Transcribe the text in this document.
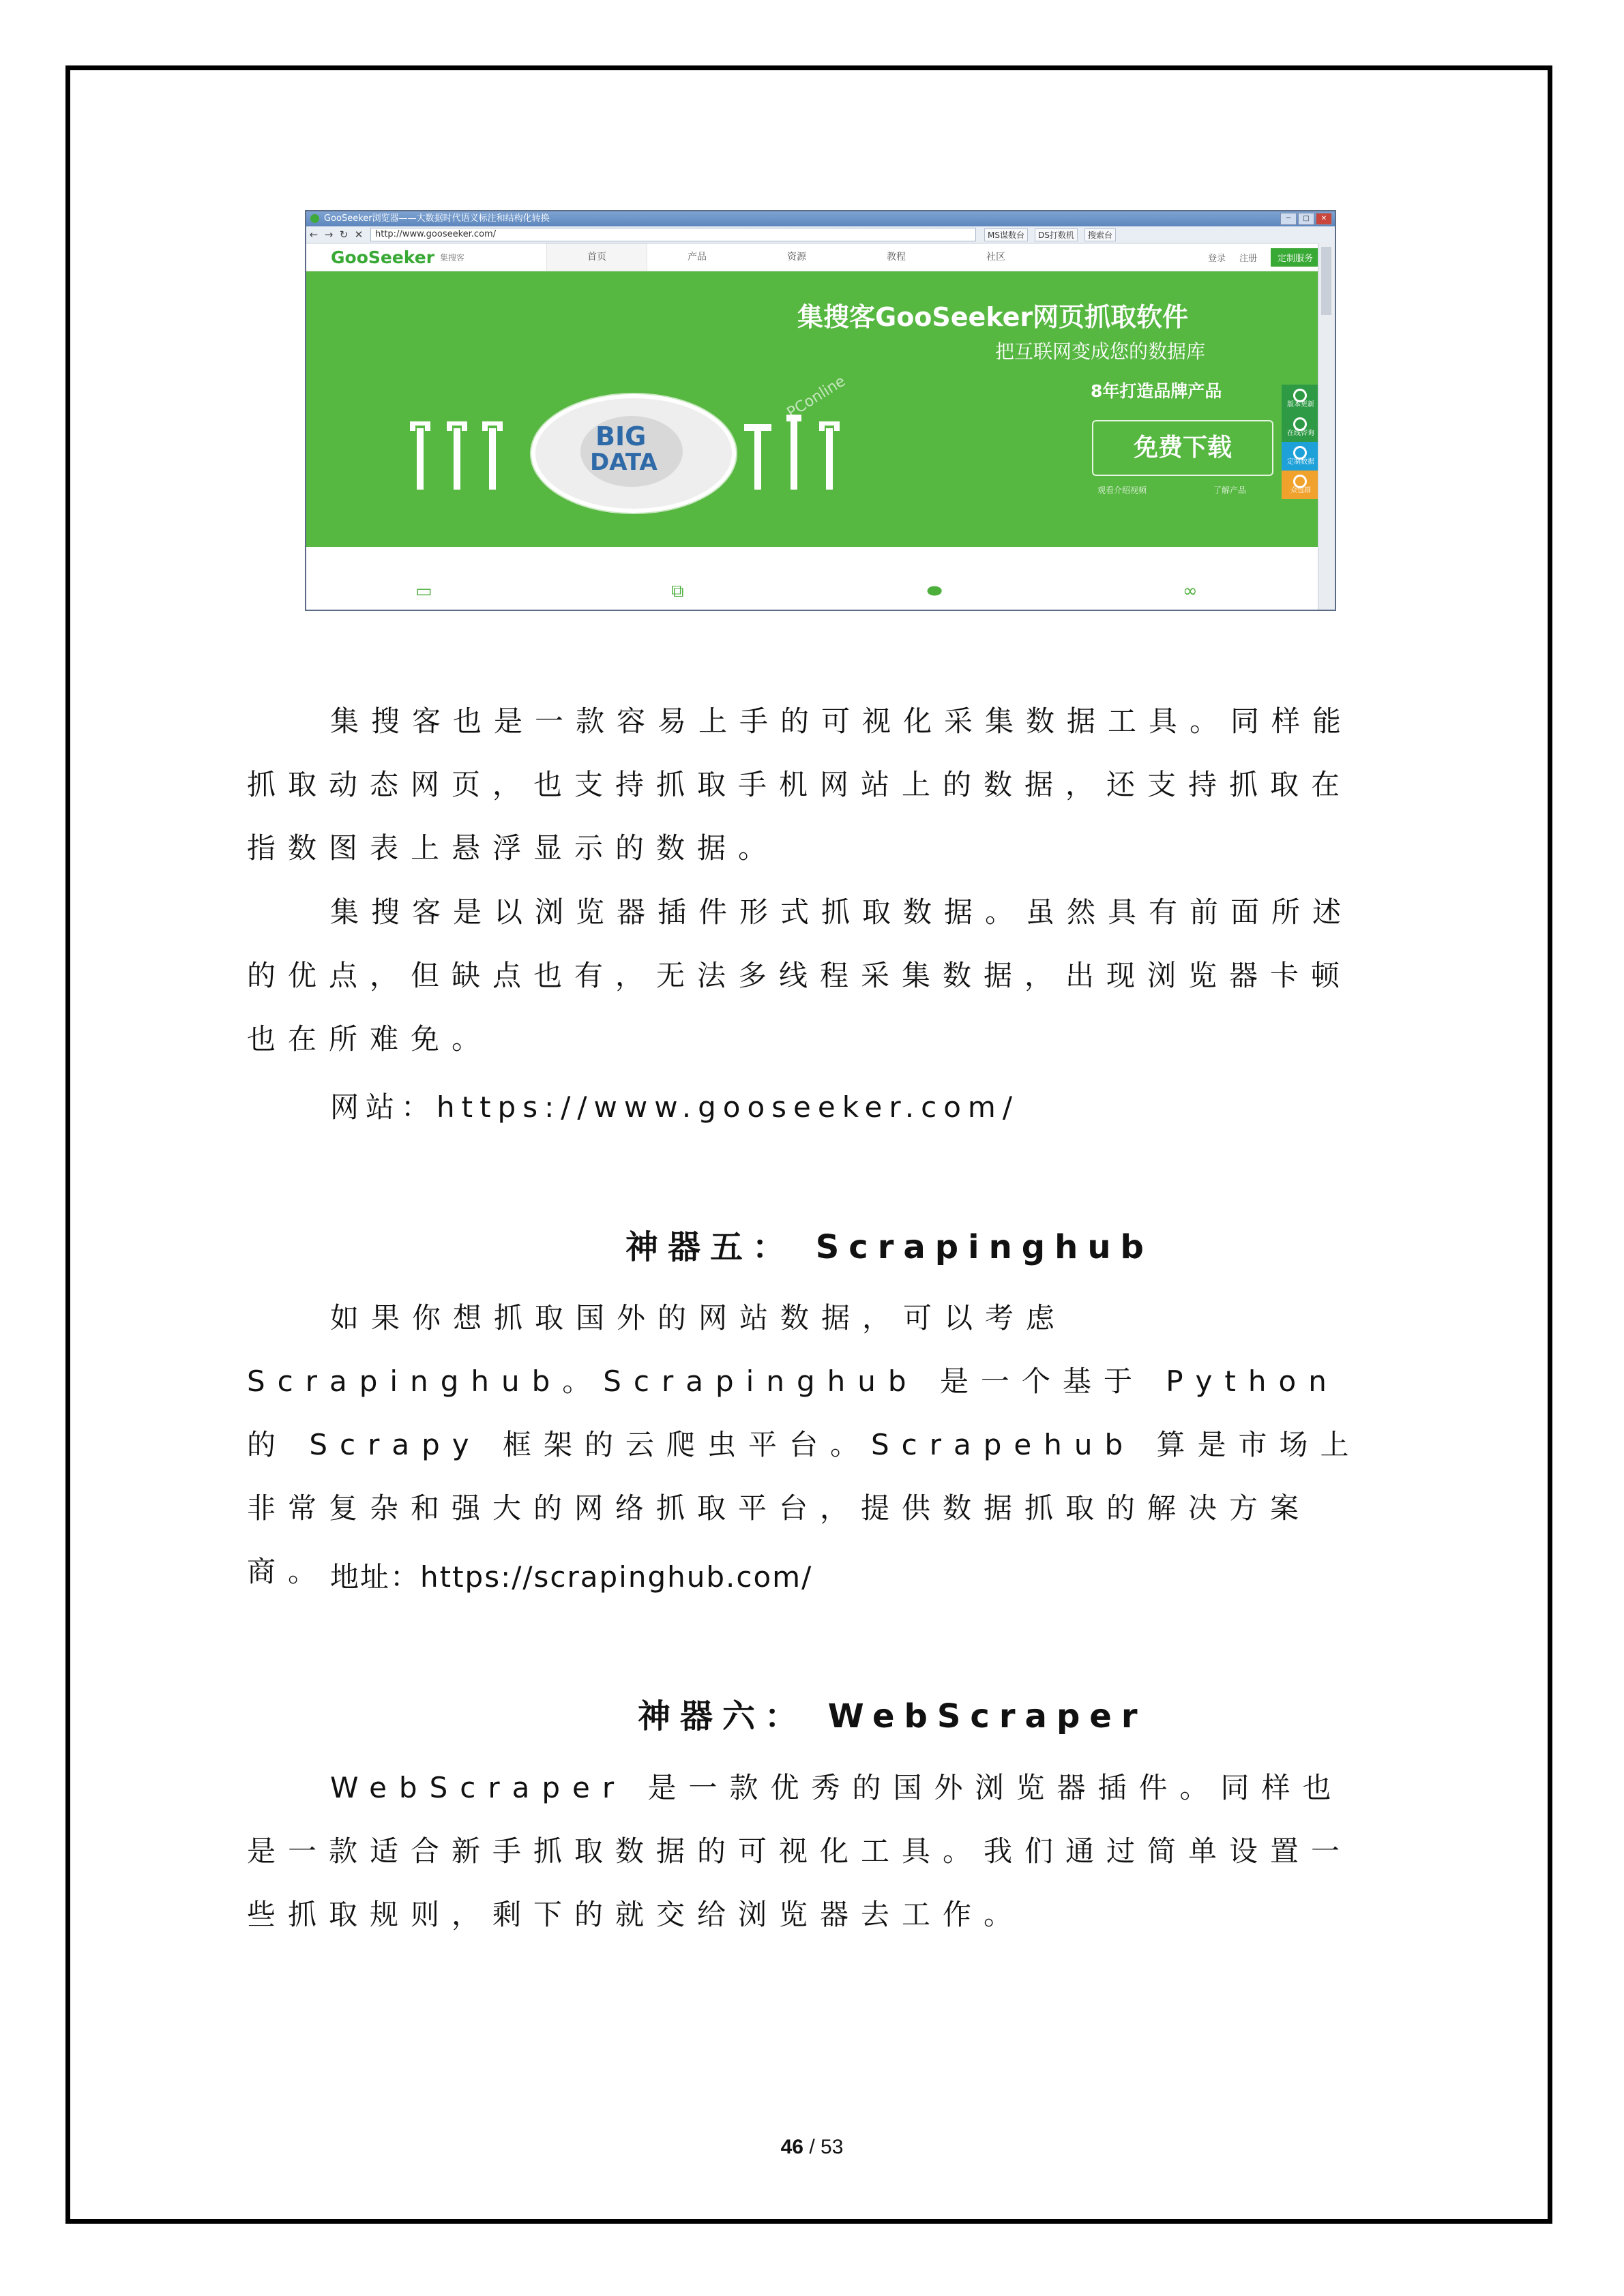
GooSeeker浏览器——大数据时代语义标注和结构化转换	─	□	✕
← → ↻ ✕	http://www.gooseeker.com/	MS谋数台	DS打数机	搜索台
GooSeeker 集搜客	首页	产品	资源	教程	社区	登录 注册	定制服务
集搜客GooSeeker网页抓取软件
把互联网变成您的数据库
8年打造品牌产品
免费下载
观看介绍视频	了解产品
BIG
DATA
PConline	版本更新
在线咨询
定制数据
众包群
▭	⧉	⬬	∞

集搜客也是一款容易上手的可视化采集数据工具。同样能抓取动态网页，也支持抓取手机网站上的数据，还支持抓取在指数图表上悬浮显示的数据。

集搜客是以浏览器插件形式抓取数据。虽然具有前面所述的优点，但缺点也有，无法多线程采集数据，出现浏览器卡顿也在所难免。

网站：https://www.gooseeker.com/

神器五： Scrapinghub

如果你想抓取国外的网站数据，可以考虑 Scrapinghub。Scrapinghub 是一个基于 Python 的 Scrapy 框架的云爬虫平台。Scrapehub 算是市场上非常复杂和强大的网络抓取平台，提供数据抓取的解决方案商。 地址：https://scrapinghub.com/

神器六： WebScraper

WebScraper 是一款优秀的国外浏览器插件。同样也是一款适合新手抓取数据的可视化工具。我们通过简单设置一些抓取规则，剩下的就交给浏览器去工作。

46 / 53
